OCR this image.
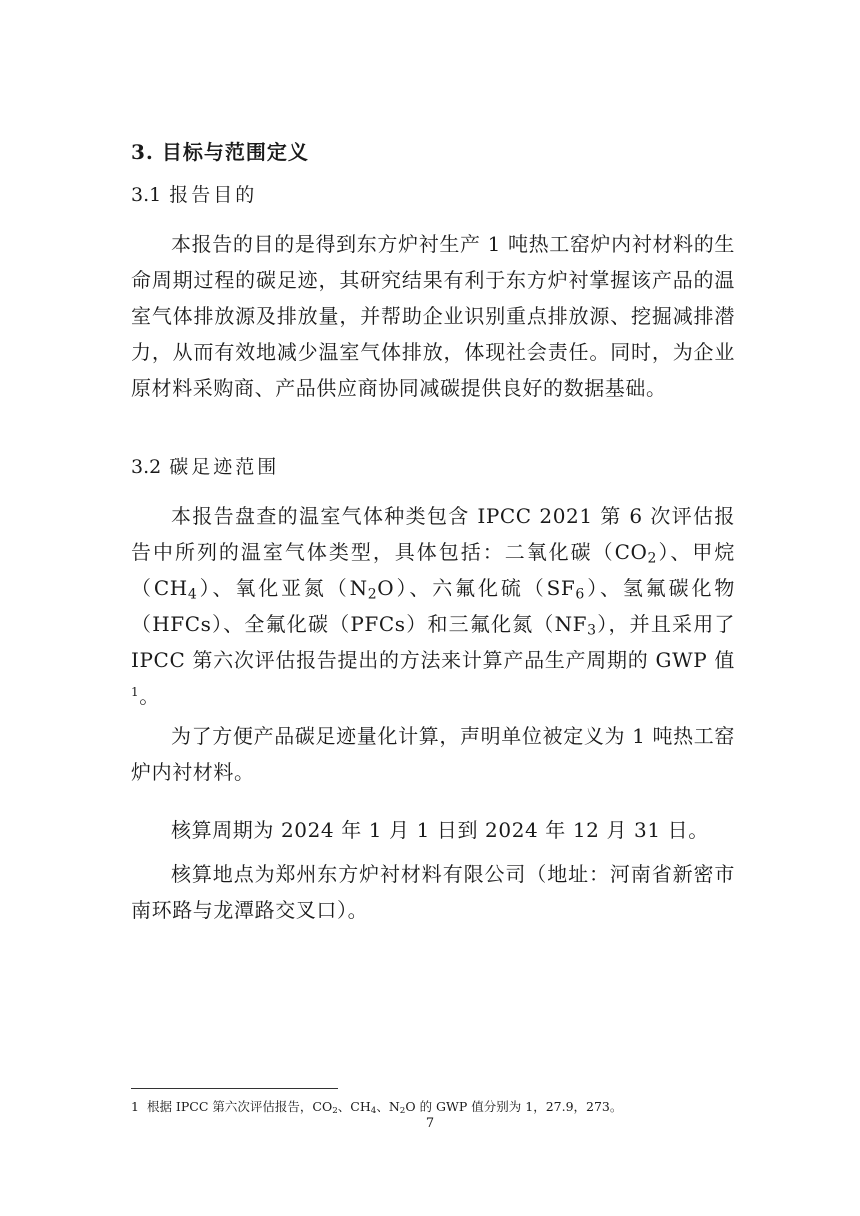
3. 目标与范围定义
3.1 报告目的
本报告的目的是得到东方炉衬生产 1 吨热工窑炉内衬材料的生命周期过程的碳足迹，其研究结果有利于东方炉衬掌握该产品的温室气体排放源及排放量，并帮助企业识别重点排放源、挖掘减排潜力，从而有效地减少温室气体排放，体现社会责任。同时，为企业原材料采购商、产品供应商协同减碳提供良好的数据基础。
3.2 碳足迹范围
本报告盘查的温室气体种类包含 IPCC 2021 第 6 次评估报告中所列的温室气体类型，具体包括：二氧化碳$(CO_2)$、甲烷$(CH_4)$、氧化亚氮$(N_2O)$、六氟化硫$(SF_6)$、氢氟碳化物（HFCs）、全氟化碳（PFCs）和三氟化氮$(NF_3)$，并且采用了 IPCC 第六次评估报告提出的方法来计算产品生产周期的 GWP 值$^1$。
为了方便产品碳足迹量化计算，声明单位被定义为 1 吨热工窑炉内衬材料。
核算周期为 2024 年 1 月 1 日到 2024 年 12 月 31 日。
核算地点为郑州东方炉衬材料有限公司（地址：河南省新密市南环路与龙潭路交叉口）。
1 根据 IPCC 第六次评估报告，$CO_2$、$CH_4$、$N_2O$ 的 GWP 值分别为 1，27.9，273。
7
